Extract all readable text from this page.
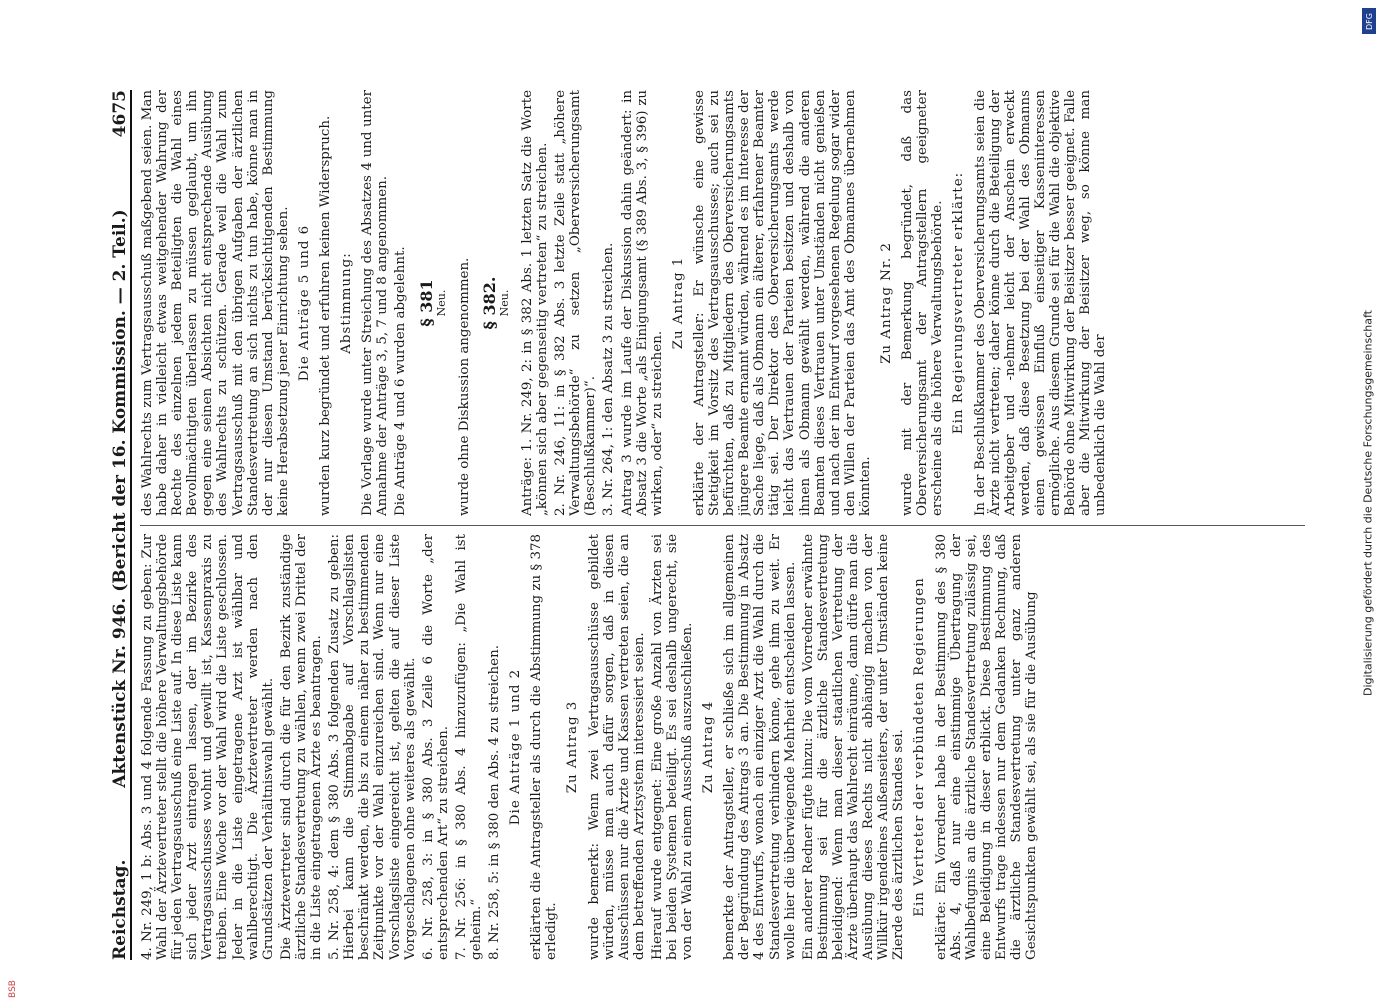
Reichstag.
Aktenstück Nr. 946. (Bericht der 16. Kommission. — 2. Teil.)
4675

4. Nr. 249, 1 b: Abs. 3 und 4 folgende Fassung zu geben: Zur Wahl der Ärztevertreter stellt die höhere Verwaltungsbehörde für jeden Vertragsausschuß eine Liste auf. In diese Liste kann sich jeder Arzt eintragen lassen, der im Bezirke des Vertragsausschusses wohnt und gewillt ist, Kassenpraxis zu treiben. Eine Woche vor der Wahl wird die Liste geschlossen. Jeder in die Liste eingetragene Arzt ist wählbar und wahlberechtigt. Die Ärztevertreter werden nach den Grundsätzen der Verhältniswahl gewählt. Die Ärztevertreter sind durch die für den Bezirk zuständige ärztliche Standesvertretung zu wählen, wenn zwei Drittel der in die Liste eingetragenen Ärzte es beantragen. 5. Nr. 258, 4: dem § 380 Abs. 3 folgenden Zusatz zu geben: Hierbei kann die Stimmabgabe auf Vorschlagslisten beschränkt werden, die bis zu einem näher zu bestimmenden Zeitpunkte vor der Wahl einzureichen sind. Wenn nur eine Vorschlagsliste eingereicht ist, gelten die auf dieser Liste Vorgeschlagenen ohne weiteres als gewählt. 6. Nr. 258, 3: in § 380 Abs. 3 Zeile 6 die Worte „der entsprechenden Art“ zu streichen. 7. Nr. 256: in § 380 Abs. 4 hinzuzufügen: „Die Wahl ist geheim.“ 8. Nr. 258, 5: in § 380 den Abs. 4 zu streichen. Die Anträge 1 und 2 erklärten die Antragsteller als durch die Abstimmung zu § 378 erledigt.

Zu Antrag 3 wurde bemerkt: Wenn zwei Vertragsausschüsse gebildet würden, müsse man auch dafür sorgen, daß in diesen Ausschüssen nur die Ärzte und Kassen vertreten seien, die an dem betreffenden Arztsystem interessiert seien. Hierauf wurde entgegnet: Eine große Anzahl von Ärzten sei bei beiden Systemen beteiligt. Es sei deshalb ungerecht, sie von der Wahl zu einem Ausschuß auszuschließen. Zu Antrag 4 bemerkte der Antragsteller, er schließe sich im allgemeinen der Begründung des Antrags 3 an. Die Bestimmung in Absatz 4 des Entwurfs, wonach ein einziger Arzt die Wahl durch die Standesvertretung verhindern könne, gehe ihm zu weit. Er wolle hier die überwiegende Mehrheit entscheiden lassen. Ein anderer Redner fügte hinzu: Die vom Vorredner erwähnte Bestimmung sei für die ärztliche Standesvertretung beleidigend: Wenn man dieser staatlichen Vertretung der Ärzte überhaupt das Wahlrecht einräume, dann dürfe man die Ausübung dieses Rechts nicht abhängig machen von der Willkür irgendeines Außenseiters, der unter Umständen keine Zierde des ärztlichen Standes sei. Ein Vertreter der verbündeten Regierungen erklärte: Ein Vorredner habe in der Bestimmung des § 380 Abs. 4, daß nur eine einstimmige Übertragung der Wahlbefugnis an die ärztliche Standesvertretung zulässig sei, eine Beleidigung in dieser erblickt. Diese Bestimmung des Entwurfs trage indessen nur dem Gedanken Rechnung, daß die ärztliche Standesvertretung unter ganz anderen Gesichtspunkten gewählt sei, als sie für die Ausübung

des Wahlrechts zum Vertragsausschuß maßgebend seien. Man habe daher in vielleicht etwas weitgehender Wahrung der Rechte des einzelnen jedem Beteiligten die Wahl eines Bevollmächtigten überlassen zu müssen geglaubt, um ihn gegen eine seinen Absichten nicht entsprechende Ausübung des Wahlrechts zu schützen. Gerade weil die Wahl zum Vertragsausschuß mit den übrigen Aufgaben der ärztlichen Standesvertretung an sich nichts zu tun habe, könne man in der nur diesen Umstand berücksichtigenden Bestimmung keine Herabsetzung jener Einrichtung sehen. Die Anträge 5 und 6 wurden kurz begründet und erfuhren keinen Widerspruch. Abstimmung: Die Vorlage wurde unter Streichung des Absatzes 4 und unter Annahme der Anträge 3, 5, 7 und 8 angenommen. Die Anträge 4 und 6 wurden abgelehnt. § 381 Neu. wurde ohne Diskussion angenommen. § 382. Neu. Anträge: 1. Nr. 249, 2: in § 382 Abs. 1 letzten Satz die Worte „können sich aber gegenseitig vertreten“ zu streichen. 2. Nr. 246, 11: in § 382 Abs. 3 letzte Zeile statt „höhere Verwaltungsbehörde“ zu setzen „Oberversicherungsamt (Beschlußkammer)“. 3. Nr. 264, 1: den Absatz 3 zu streichen. Antrag 3 wurde im Laufe der Diskussion dahin geändert: in Absatz 3 die Worte „als Einigungsamt (§ 389 Abs. 3, § 396) zu wirken, oder“ zu streichen.

Zu Antrag 1 erklärte der Antragsteller: Er wünsche eine gewisse Stetigkeit im Vorsitz des Vertragsausschusses; auch sei zu befürchten, daß zu Mitgliedern des Oberversicherungsamts jüngere Beamte ernannt würden, während es im Interesse der Sache liege, daß als Obmann ein älterer, erfahrener Beamter tätig sei. Der Direktor des Oberversicherungsamts werde leicht das Vertrauen der Parteien besitzen und deshalb von ihnen als Obmann gewählt werden, während die anderen Beamten dieses Vertrauen unter Umständen nicht genießen und nach der im Entwurf vorgesehenen Regelung sogar wider den Willen der Parteien das Amt des Obmannes übernehmen könnten.

Zu Antrag Nr. 2 wurde mit der Bemerkung begründet, daß das Oberversicherungsamt der Antragstellern geeigneter erscheine als die höhere Verwaltungsbehörde. Ein Regierungsvertreter erklärte: In der Beschlußkammer des Oberversicherungsamts seien die Ärzte nicht vertreten; daher könne durch die Beteiligung der Arbeitgeber und -nehmer leicht der Anschein erweckt werden, daß diese Besetzung bei der Wahl des Obmanns einen gewissen Einfluß einseitiger Kasseninteressen ermögliche. Aus diesem Grunde sei für die Wahl die objektive Behörde ohne Mitwirkung der Beisitzer besser geeignet. Falle aber die Mitwirkung der Beisitzer weg, so könne man unbedenklich die Wahl der	Digitalisierung gefördert durch die Deutsche Forschungsgemeinschaft
DFG
BSB
